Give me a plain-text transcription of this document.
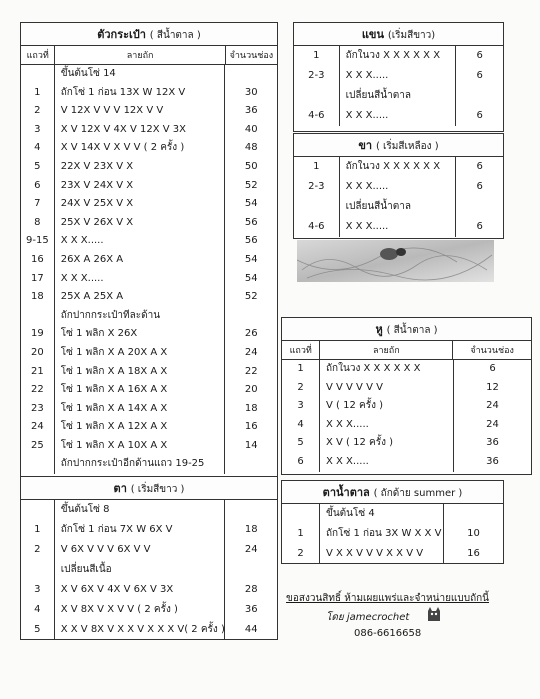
ตัวกระเป๋า ( สีน้ำตาล )
แถวที่	ลายถัก	จำนวนช่อง
ขึ้นต้นโซ่ 14
1	ถักโซ่ 1 ก่อน 13X W 12X V	30
2	V 12X V V V 12X V V	36
3	X V 12X V 4X V 12X V 3X	40
4	X V 14X V X V V ( 2 ครั้ง )	48
5	22X V 23X V X	50
6	23X V 24X V X	52
7	24X V 25X V X	54
8	25X V 26X V X	56
9-15	X X X.....	56
16	26X A 26X A	54
17	X X X.....	54
18	25X A 25X A	52
ถักปากกระเป๋าทีละด้าน
19	โซ่ 1 พลิก X 26X	26
20	โซ่ 1 พลิก X A 20X A X	24
21	โซ่ 1 พลิก X A 18X A X	22
22	โซ่ 1 พลิก X A 16X A X	20
23	โซ่ 1 พลิก X A 14X A X	18
24	โซ่ 1 พลิก X A 12X A X	16
25	โซ่ 1 พลิก X A 10X A X	14
ถักปากกระเป๋าอีกด้านแถว 19-25
ตา ( เริ่มสีขาว )
ขึ้นต้นโซ่ 8
1	ถักโซ่ 1 ก่อน 7X W 6X V	18
2	V 6X V V V 6X V V	24
เปลี่ยนสีเนื้อ
3	X V 6X V 4X V 6X V 3X	28
4	X V 8X V X V V ( 2 ครั้ง )	36
5	X X V 8X V X X V X X X V( 2 ครั้ง )	44
แขน (เริ่มสีขาว)
1	ถักในวง X X X X X X	6
2-3	X X X.....	6
เปลี่ยนสีน้ำตาล
4-6	X X X.....	6
ขา ( เริ่มสีเหลือง )
1	ถักในวง X X X X X X	6
2-3	X X X.....	6
เปลี่ยนสีน้ำตาล
4-6	X X X.....	6
หู ( สีน้ำตาล )
แถวที่	ลายถัก	จำนวนช่อง
1	ถักในวง X X X X X X	6
2	V V V V V V	12
3	V ( 12 ครั้ง )	24
4	X X X.....	24
5	X V ( 12 ครั้ง )	36
6	X X X.....	36
ตาน้ำตาล ( ถักด้าย summer )
ขึ้นต้นโซ่ 4
1	ถักโซ่ 1 ก่อน 3X W X X V	10
2	V X X V V V X X V V	16
ขอสงวนสิทธิ์ ห้ามเผยแพร่และจำหน่ายแบบถักนี้
โดย jamecrochet
086-6616658
